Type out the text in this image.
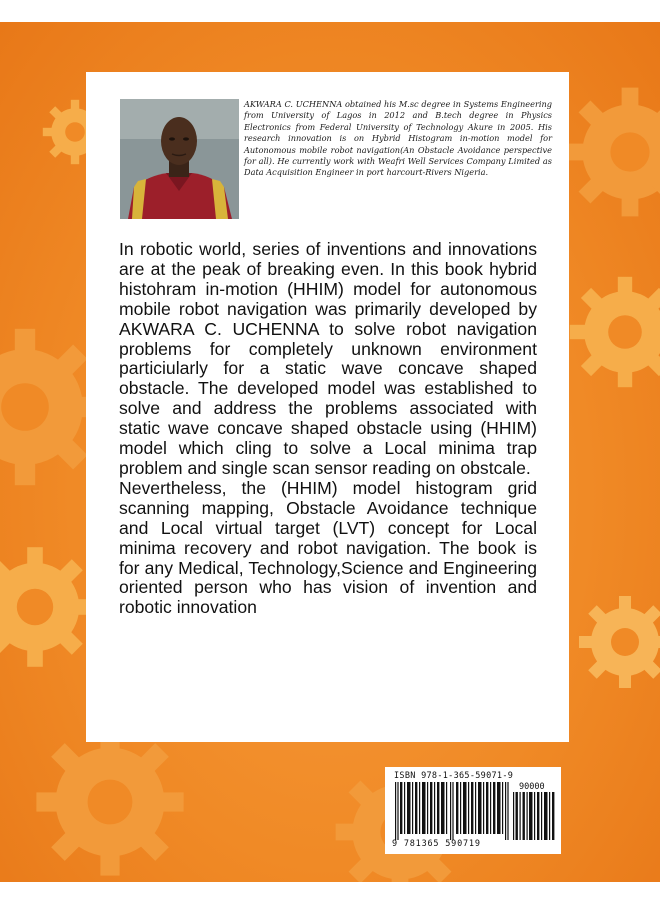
AKWARA C. UCHENNA obtained his M.sc degree in Systems Engineering from University of Lagos in 2012 and B.tech degree in Physics Electronics from Federal University of Technology Akure in 2005. His research innovation is on Hybrid Histogram in-motion model for Autonomous mobile robot navigation(An Obstacle Avoidance perspective for all). He currently work with Weafri Well Services Company Limited as Data Acquisition Engineer in port harcourt-Rivers Nigeria.

In robotic world, series of inventions and innovations are at the peak of breaking even. In this book hybrid histohram in-motion (HHIM) model for autonomous mobile robot navigation was primarily developed by AKWARA C. UCHENNA to solve robot navigation problems for completely unknown environment particiularly for a static wave concave shaped obstacle. The developed model was established to solve and address the problems associated with static wave concave shaped obstacle using (HHIM) model which cling to solve a Local minima trap problem and single scan sensor reading on obstcale.

Nevertheless, the (HHIM) model histogram grid scanning mapping, Obstacle Avoidance technique and Local virtual target (LVT) concept for Local minima recovery and robot navigation. The book is for any Medical, Technology,Science and Engineering oriented person who has vision of invention and robotic innovation

ISBN 978-1-365-59071-9
90000
9 781365 590719
